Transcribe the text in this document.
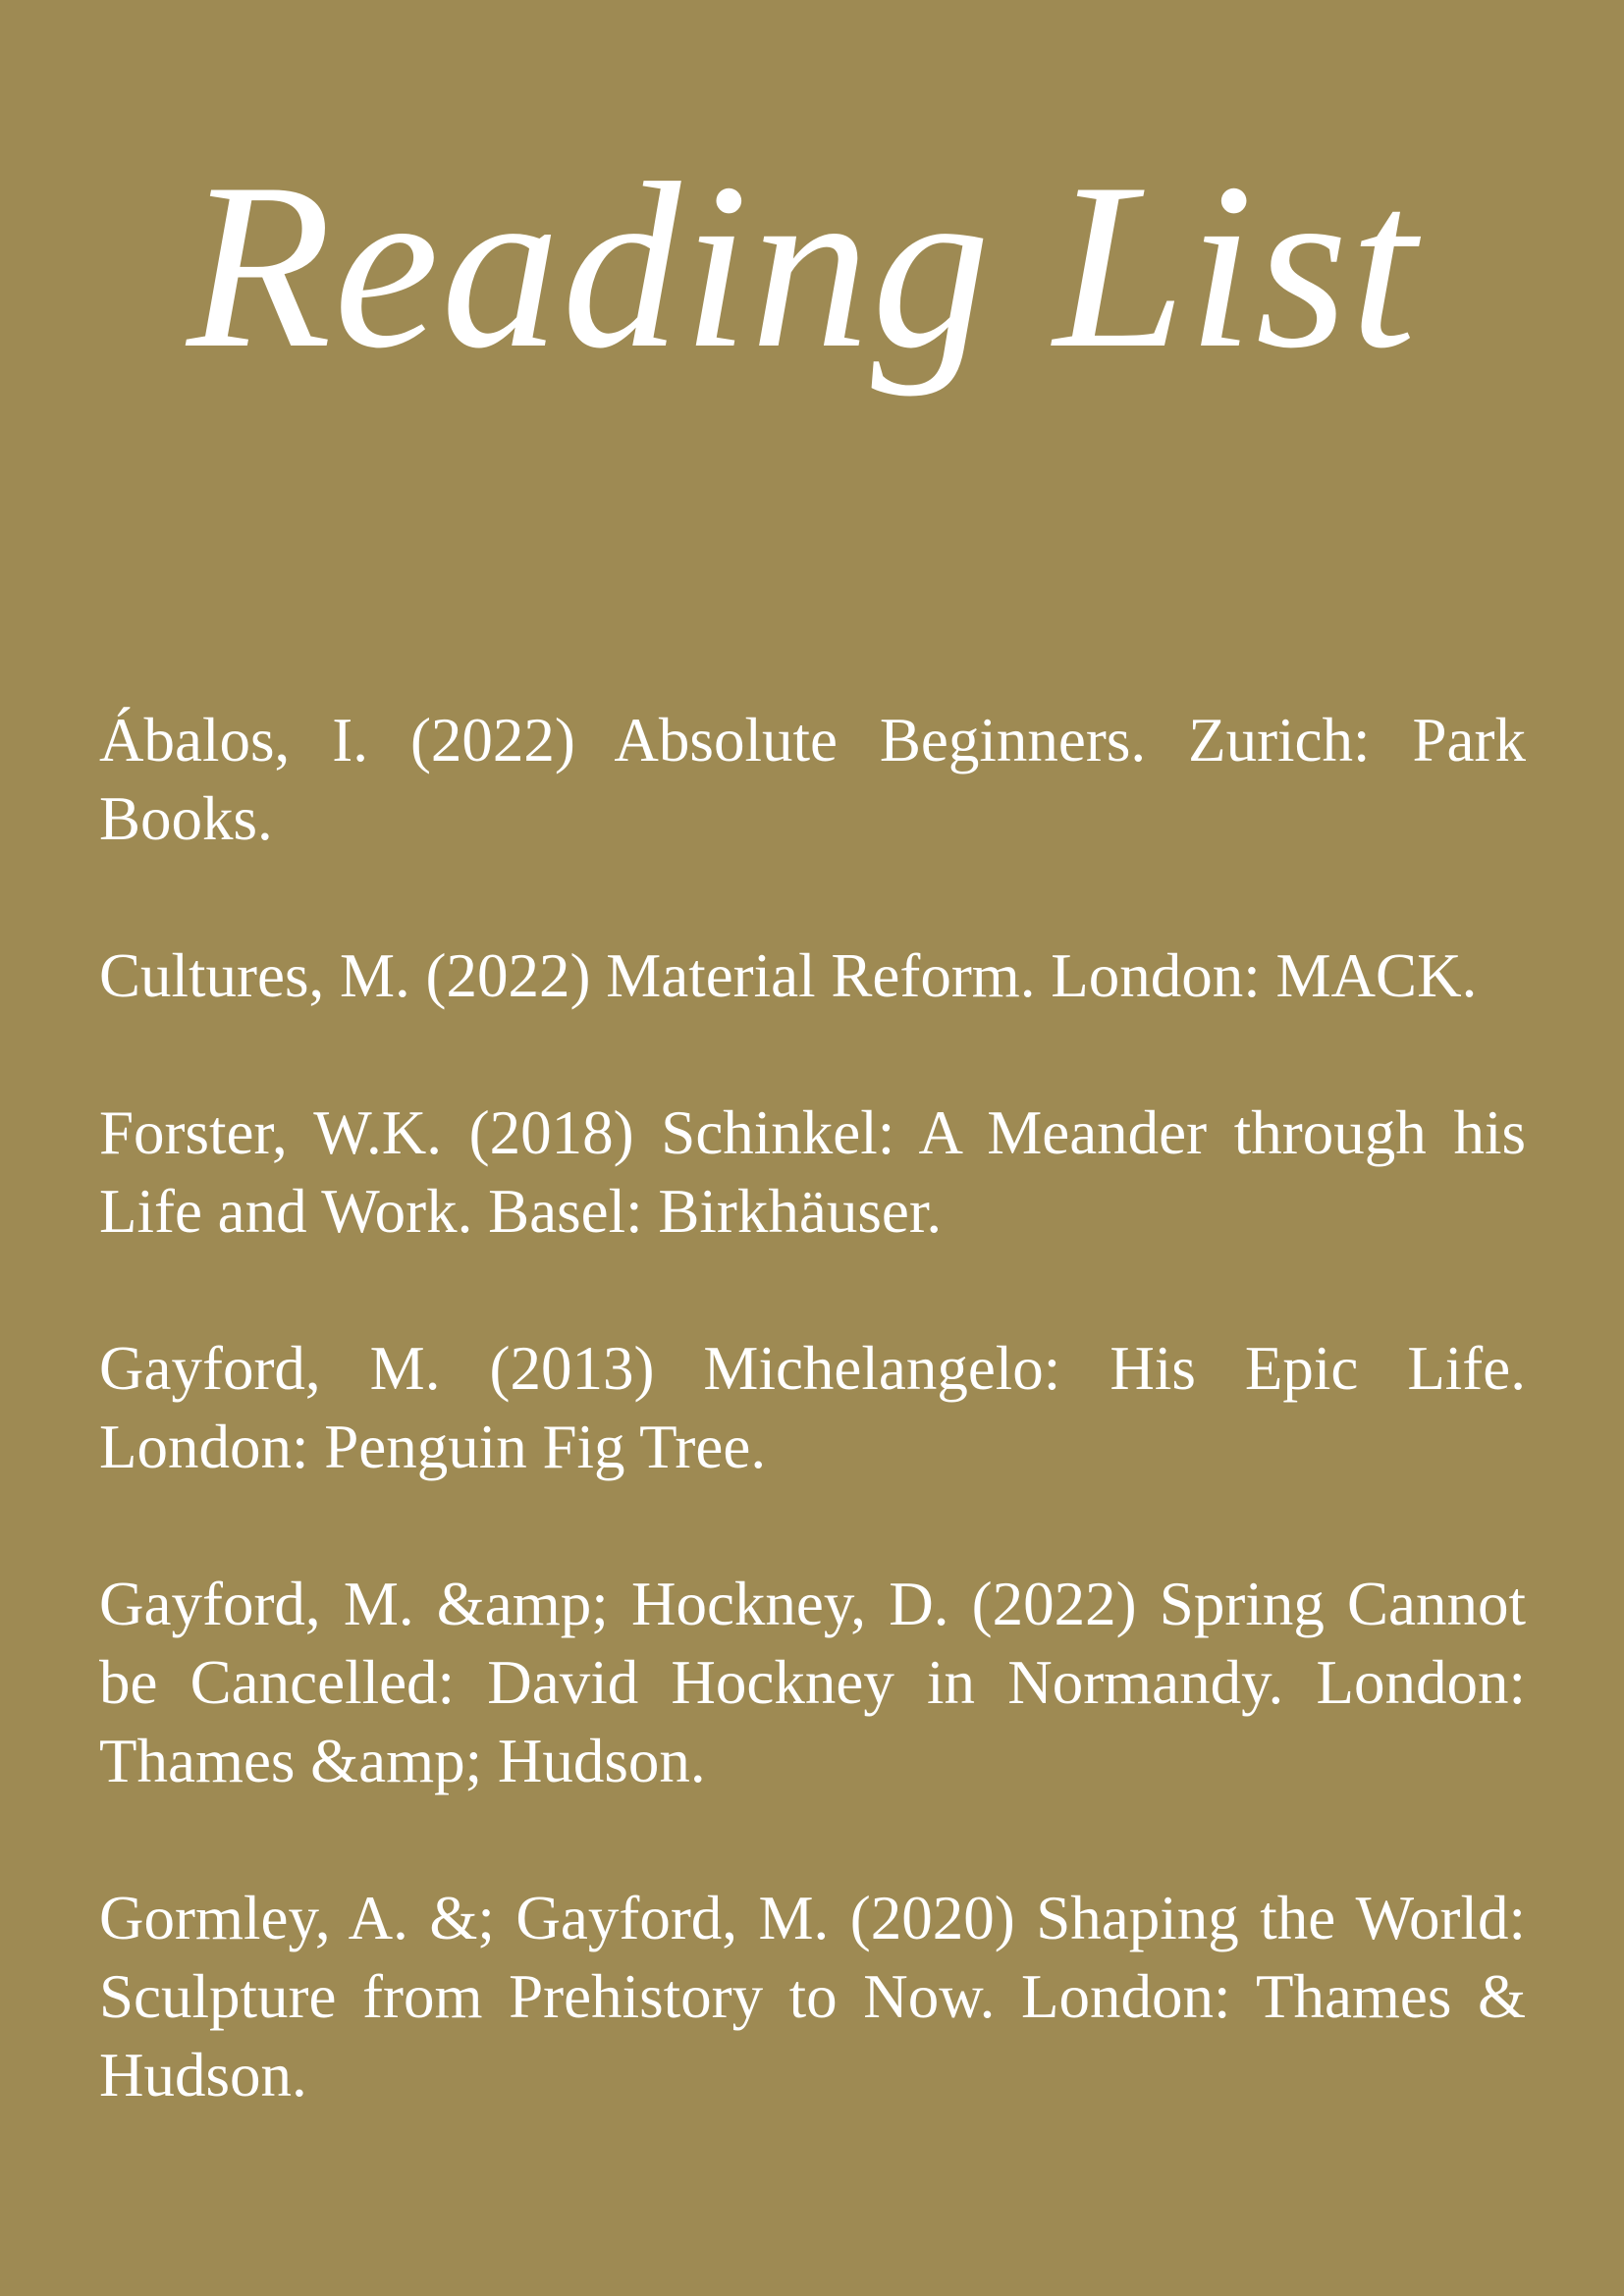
Reading List

Ábalos, I. (2022) Absolute Beginners. Zurich: Park Books.

Cultures, M. (2022) Material Reform. London: MACK.

Forster, W.K. (2018) Schinkel: A Meander through his Life and Work. Basel: Birkhäuser.

Gayford, M. (2013) Michelangelo: His Epic Life. London: Penguin Fig Tree.

Gayford, M. &amp; Hockney, D. (2022) Spring Cannot be Cancelled: David Hockney in Normandy. London: Thames &amp; Hudson.

Gormley, A. &; Gayford, M. (2020) Shaping the World: Sculpture from Prehistory to Now. London: Thames & Hudson.
